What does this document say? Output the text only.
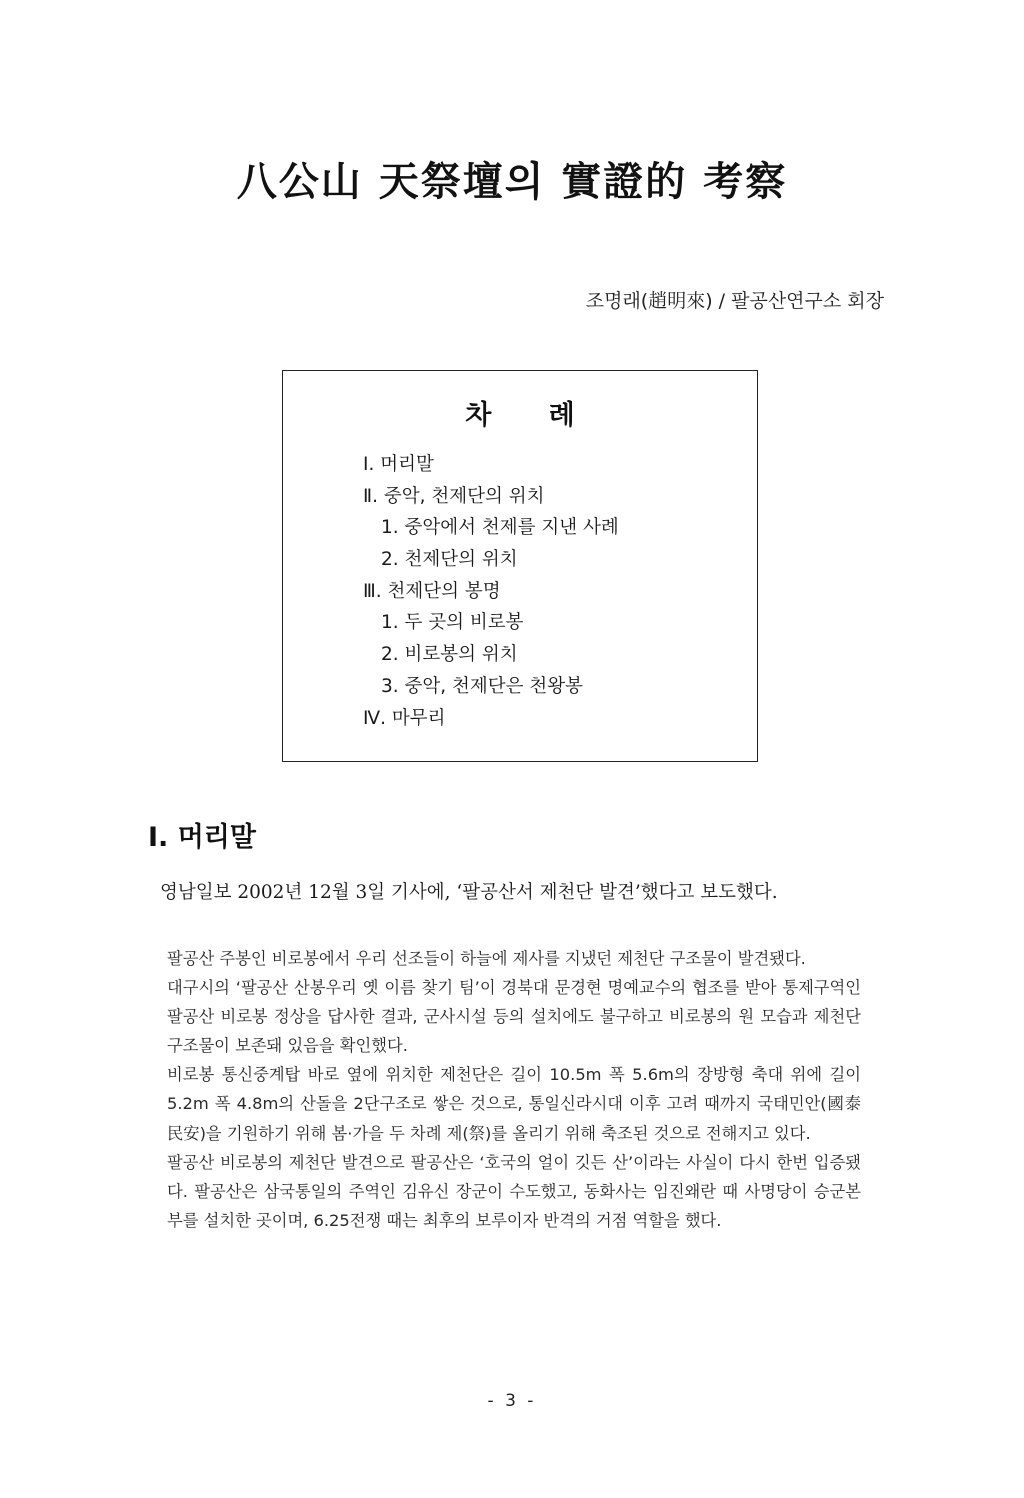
八公山 天祭壇의 實證的 考察

조명래(趙明來) / 팔공산연구소 회장

차 례
Ⅰ. 머리말
Ⅱ. 중악, 천제단의 위치
1. 중악에서 천제를 지낸 사례
2. 천제단의 위치
Ⅲ. 천제단의 봉명
1. 두 곳의 비로봉
2. 비로봉의 위치
3. 중악, 천제단은 천왕봉
Ⅳ. 마무리
Ⅰ. 머리말

영남일보 2002년 12월 3일 기사에, ‘팔공산서 제천단 발견’했다고 보도했다.

팔공산 주봉인 비로봉에서 우리 선조들이 하늘에 제사를 지냈던 제천단 구조물이 발견됐다.

대구시의 ‘팔공산 산봉우리 옛 이름 찾기 팀’이 경북대 문경현 명예교수의 협조를 받아 통제구역인 팔공산 비로봉 정상을 답사한 결과, 군사시설 등의 설치에도 불구하고 비로봉의 원 모습과 제천단 구조물이 보존돼 있음을 확인했다.

비로봉 통신중계탑 바로 옆에 위치한 제천단은 길이 10.5m 폭 5.6m의 장방형 축대 위에 길이 5.2m 폭 4.8m의 산돌을 2단구조로 쌓은 것으로, 통일신라시대 이후 고려 때까지 국태민안(國泰民安)을 기원하기 위해 봄·가을 두 차례 제(祭)를 올리기 위해 축조된 것으로 전해지고 있다.

팔공산 비로봉의 제천단 발견으로 팔공산은 ‘호국의 얼이 깃든 산’이라는 사실이 다시 한번 입증됐다. 팔공산은 삼국통일의 주역인 김유신 장군이 수도했고, 동화사는 임진왜란 때 사명당이 승군본부를 설치한 곳이며, 6.25전쟁 때는 최후의 보루이자 반격의 거점 역할을 했다.

- 3 -
